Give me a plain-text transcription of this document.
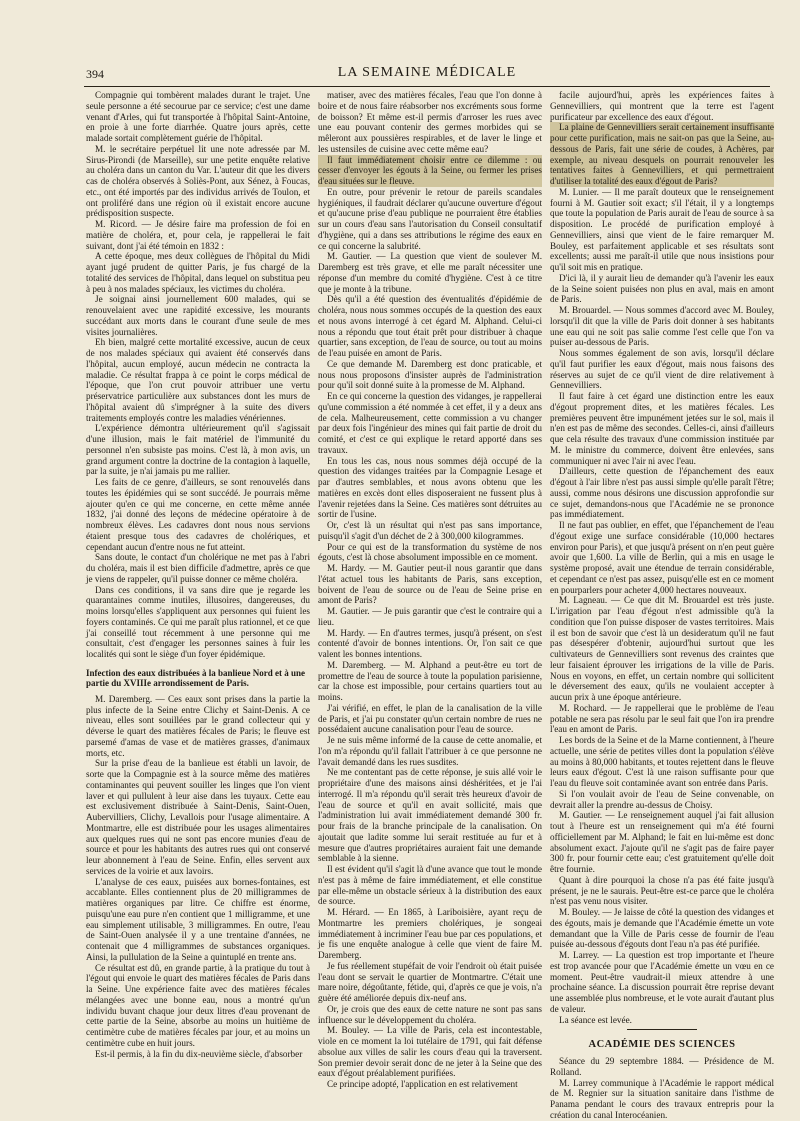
394	LA SEMAINE MÉDICALE

Compagnie qui tombèrent malades durant le trajet. Une seule personne a été secourue par ce service; c'est une dame venant d'Arles, qui fut transportée à l'hôpital Saint-Antoine, en proie à une forte diarrhée. Quatre jours après, cette malade sortait complètement guérie de l'hôpital.

M. le secrétaire perpétuel lit une note adressée par M. Sirus-Pirondi (de Marseille), sur une petite enquête relative au choléra dans un canton du Var. L'auteur dit que les divers cas de choléra observés à Soliès-Pont, aux Sénez, à Foucas, etc., ont été importés par des individus arrivés de Toulon, et ont proliféré dans une région où il existait encore aucune prédisposition suspecte.

M. Ricord. — Je désire faire ma profession de foi en matière de choléra, et, pour cela, je rappellerai le fait suivant, dont j'ai été témoin en 1832 :

A cette époque, mes deux collègues de l'hôpital du Midi ayant jugé prudent de quitter Paris, je fus chargé de la totalité des services de l'hôpital, dans lequel on substitua peu à peu à nos malades spéciaux, les victimes du choléra.

Je soignai ainsi journellement 600 malades, qui se renouvelaient avec une rapidité excessive, les mourants succédant aux morts dans le courant d'une seule de mes visites journalières.

Eh bien, malgré cette mortalité excessive, aucun de ceux de nos malades spéciaux qui avaient été conservés dans l'hôpital, aucun employé, aucun médecin ne contracta la maladie. Ce résultat frappa à ce point le corps médical de l'époque, que l'on crut pouvoir attribuer une vertu préservatrice particulière aux substances dont les murs de l'hôpital avaient dû s'imprégner à la suite des divers traitements employés contre les maladies vénériennes.

L'expérience démontra ultérieurement qu'il s'agissait d'une illusion, mais le fait matériel de l'immunité du personnel n'en subsiste pas moins. C'est là, à mon avis, un grand argument contre la doctrine de la contagion à laquelle, par la suite, je n'ai jamais pu me rallier.

Les faits de ce genre, d'ailleurs, se sont renouvelés dans toutes les épidémies qui se sont succédé. Je pourrais même ajouter qu'en ce qui me concerne, en cette même année 1832, j'ai donné des leçons de médecine opératoire à de nombreux élèves. Les cadavres dont nous nous servions étaient presque tous des cadavres de cholériques, et cependant aucun d'entre nous ne fut atteint.

Sans doute, le contact d'un cholérique ne met pas à l'abri du choléra, mais il est bien difficile d'admettre, après ce que je viens de rappeler, qu'il puisse donner ce même choléra.

Dans ces conditions, il va sans dire que je regarde les quarantaines comme inutiles, illusoires, dangereuses, du moins lorsqu'elles s'appliquent aux personnes qui fuient les foyers contaminés. Ce qui me paraît plus rationnel, et ce que j'ai conseillé tout récemment à une personne qui me consultait, c'est d'engager les personnes saines à fuir les localités qui sont le siège d'un foyer épidémique.

Infection des eaux distribuées à la banlieue Nord et à une partie du XVIIIe arrondissement de Paris.

M. Daremberg. — Ces eaux sont prises dans la partie la plus infecte de la Seine entre Clichy et Saint-Denis. A ce niveau, elles sont souillées par le grand collecteur qui y déverse le quart des matières fécales de Paris; le fleuve est parsemé d'amas de vase et de matières grasses, d'animaux morts, etc.

Sur la prise d'eau de la banlieue est établi un lavoir, de sorte que la Compagnie est à la source même des matières contaminantes qui peuvent souiller les linges que l'on vient laver et qui pullulent à leur aise dans les tuyaux. Cette eau est exclusivement distribuée à Saint-Denis, Saint-Ouen, Aubervilliers, Clichy, Levallois pour l'usage alimentaire. A Montmartre, elle est distribuée pour les usages alimentaires aux quelques rues qui ne sont pas encore munies d'eau de source et pour les habitants des autres rues qui ont conservé leur abonnement à l'eau de Seine. Enfin, elles servent aux services de la voirie et aux lavoirs.

L'analyse de ces eaux, puisées aux bornes-fontaines, est accablante. Elles contiennent plus de 20 milligrammes de matières organiques par litre. Ce chiffre est énorme, puisqu'une eau pure n'en contient que 1 milligramme, et une eau simplement utilisable, 3 milligrammes. En outre, l'eau de Saint-Ouen analysée il y a une trentaine d'années, ne contenait que 4 milligrammes de substances organiques. Ainsi, la pullulation de la Seine a quintuplé en trente ans.

Ce résultat est dû, en grande partie, à la pratique du tout à l'égout qui envoie le quart des matières fécales de Paris dans la Seine. Une expérience faite avec des matières fécales mélangées avec une bonne eau, nous a montré qu'un individu buvant chaque jour deux litres d'eau provenant de cette partie de la Seine, absorbe au moins un huitième de centimètre cube de matières fécales par jour, et au moins un centimètre cube en huit jours.

Est-il permis, à la fin du dix-neuvième siècle, d'absorber

matiser, avec des matières fécales, l'eau que l'on donne à boire et de nous faire réabsorber nos excréments sous forme de boisson? Et même est-il permis d'arroser les rues avec une eau pouvant contenir des germes morbides qui se mêleront aux poussières respirables, et de laver le linge et les ustensiles de cuisine avec cette même eau?

Il faut immédiatement choisir entre ce dilemme : ou cesser d'envoyer les égouts à la Seine, ou fermer les prises d'eau situées sur le fleuve.

En outre, pour prévenir le retour de pareils scandales hygiéniques, il faudrait déclarer qu'aucune ouverture d'égout et qu'aucune prise d'eau publique ne pourraient être établies sur un cours d'eau sans l'autorisation du Conseil consultatif d'hygiène, qui a dans ses attributions le régime des eaux en ce qui concerne la salubrité.

M. Gautier. — La question que vient de soulever M. Daremberg est très grave, et elle me paraît nécessiter une réponse d'un membre du comité d'hygiène. C'est à ce titre que je monte à la tribune.

Dès qu'il a été question des éventualités d'épidémie de choléra, nous nous sommes occupés de la question des eaux et nous avons interrogé à cet égard M. Alphand. Celui-ci nous a répondu que tout était prêt pour distribuer à chaque quartier, sans exception, de l'eau de source, ou tout au moins de l'eau puisée en amont de Paris.

Ce que demande M. Daremberg est donc praticable, et nous nous proposons d'insister auprès de l'administration pour qu'il soit donné suite à la promesse de M. Alphand.

En ce qui concerne la question des vidanges, je rappellerai qu'une commission a été nommée à cet effet, il y a deux ans de cela. Malheureusement, cette commission a vu changer par deux fois l'ingénieur des mines qui fait partie de droit du comité, et c'est ce qui explique le retard apporté dans ses travaux.

En tous les cas, nous nous sommes déjà occupé de la question des vidanges traitées par la Compagnie Lesage et par d'autres semblables, et nous avons obtenu que les matières en excès dont elles disposeraient ne fussent plus à l'avenir rejetées dans la Seine. Ces matières sont détruites au sortir de l'usine.

Or, c'est là un résultat qui n'est pas sans importance, puisqu'il s'agit d'un déchet de 2 à 300,000 kilogrammes.

Pour ce qui est de la transformation du système de nos égouts, c'est là chose absolument impossible en ce moment.

M. Hardy. — M. Gautier peut-il nous garantir que dans l'état actuel tous les habitants de Paris, sans exception, boivent de l'eau de source ou de l'eau de Seine prise en amont de Paris?

M. Gautier. — Je puis garantir que c'est le contraire qui a lieu.

M. Hardy. — En d'autres termes, jusqu'à présent, on s'est contenté d'avoir de bonnes intentions. Or, l'on sait ce que valent les bonnes intentions.

M. Daremberg. — M. Alphand a peut-être eu tort de promettre de l'eau de source à toute la population parisienne, car la chose est impossible, pour certains quartiers tout au moins.

J'ai vérifié, en effet, le plan de la canalisation de la ville de Paris, et j'ai pu constater qu'un certain nombre de rues ne possédaient aucune canalisation pour l'eau de source.

Je ne suis même informé de la cause de cette anomalie, et l'on m'a répondu qu'il fallait l'attribuer à ce que personne ne l'avait demandé dans les rues susdites.

Ne me contentant pas de cette réponse, je suis allé voir le propriétaire d'une des maisons ainsi déshéritées, et je l'ai interrogé. Il m'a répondu qu'il serait très heureux d'avoir de l'eau de source et qu'il en avait sollicité, mais que l'administration lui avait immédiatement demandé 300 fr. pour frais de la branche principale de la canalisation. On ajoutait que ladite somme lui serait restituée au fur et à mesure que d'autres propriétaires auraient fait une demande semblable à la sienne.

Il est évident qu'il s'agit là d'une avance que tout le monde n'est pas à même de faire immédiatement, et elle constitue par elle-même un obstacle sérieux à la distribution des eaux de source.

M. Hérard. — En 1865, à Lariboisière, ayant reçu de Montmartre les premiers cholériques, je songeai immédiatement à incriminer l'eau bue par ces populations, et je fis une enquête analogue à celle que vient de faire M. Daremberg.

Je fus réellement stupéfait de voir l'endroit où était puisée l'eau dont se servait le quartier de Montmartre. C'était une mare noire, dégoûtante, fétide, qui, d'après ce que je vois, n'a guère été améliorée depuis dix-neuf ans.

Or, je crois que des eaux de cette nature ne sont pas sans influence sur le développement du choléra.

M. Bouley. — La ville de Paris, cela est incontestable, viole en ce moment la loi tutélaire de 1791, qui fait défense absolue aux villes de salir les cours d'eau qui la traversent. Son premier devoir serait donc de ne jeter à la Seine que des eaux d'égout préalablement purifiées.

Ce principe adopté, l'application en est relativement

facile aujourd'hui, après les expériences faites à Gennevilliers, qui montrent que la terre est l'agent purificateur par excellence des eaux d'égout.

La plaine de Gennevilliers serait certainement insuffisante pour cette purification, mais ne sait-on pas que la Seine, au-dessous de Paris, fait une série de coudes, à Achères, par exemple, au niveau desquels on pourrait renouveler les tentatives faites à Gennevilliers, et qui permettraient d'utiliser la totalité des eaux d'égout de Paris?

M. Lunier. — Il me paraît douteux que le renseignement fourni à M. Gautier soit exact; s'il l'était, il y a longtemps que toute la population de Paris aurait de l'eau de source à sa disposition. Le procédé de purification employé à Gennevilliers, ainsi que vient de le faire remarquer M. Bouley, est parfaitement applicable et ses résultats sont excellents; aussi me paraît-il utile que nous insistions pour qu'il soit mis en pratique.

D'ici là, il y aurait lieu de demander qu'à l'avenir les eaux de la Seine soient puisées non plus en aval, mais en amont de Paris.

M. Brouardel. — Nous sommes d'accord avec M. Bouley, lorsqu'il dit que la ville de Paris doit donner à ses habitants une eau qui ne soit pas salie comme l'est celle que l'on va puiser au-dessous de Paris.

Nous sommes également de son avis, lorsqu'il déclare qu'il faut purifier les eaux d'égout, mais nous faisons des réserves au sujet de ce qu'il vient de dire relativement à Gennevilliers.

Il faut faire à cet égard une distinction entre les eaux d'égout proprement dites, et les matières fécales. Les premières peuvent être impunément jetées sur le sol, mais il n'en est pas de même des secondes. Celles-ci, ainsi d'ailleurs que cela résulte des travaux d'une commission instituée par M. le ministre du commerce, doivent être enlevées, sans communiquer ni avec l'air ni avec l'eau.

D'ailleurs, cette question de l'épanchement des eaux d'égout à l'air libre n'est pas aussi simple qu'elle paraît l'être; aussi, comme nous désirons une discussion approfondie sur ce sujet, demandons-nous que l'Académie ne se prononce pas immédiatement.

Il ne faut pas oublier, en effet, que l'épanchement de l'eau d'égout exige une surface considérable (10,000 hectares environ pour Paris), et que jusqu'à présent on n'en peut guère avoir que 1,600. La ville de Berlin, qui a mis en usage le système proposé, avait une étendue de terrain considérable, et cependant ce n'est pas assez, puisqu'elle est en ce moment en pourparlers pour acheter 4,000 hectares nouveaux.

M. Lagneau. — Ce que dit M. Brouardel est très juste. L'irrigation par l'eau d'égout n'est admissible qu'à la condition que l'on puisse disposer de vastes territoires. Mais il est bon de savoir que c'est là un desideratum qu'il ne faut pas désespérer d'obtenir, aujourd'hui surtout que les cultivateurs de Gennevilliers sont revenus des craintes que leur faisaient éprouver les irrigations de la ville de Paris. Nous en voyons, en effet, un certain nombre qui sollicitent le déversement des eaux, qu'ils ne voulaient accepter à aucun prix à une époque antérieure.

M. Rochard. — Je rappellerai que le problème de l'eau potable ne sera pas résolu par le seul fait que l'on ira prendre l'eau en amont de Paris.

Les bords de la Seine et de la Marne contiennent, à l'heure actuelle, une série de petites villes dont la population s'élève au moins à 80,000 habitants, et toutes rejettent dans le fleuve leurs eaux d'égout. C'est là une raison suffisante pour que l'eau du fleuve soit contaminée avant son entrée dans Paris.

Si l'on voulait avoir de l'eau de Seine convenable, on devrait aller la prendre au-dessus de Choisy.

M. Gautier. — Le renseignement auquel j'ai fait allusion tout à l'heure est un renseignement qui m'a été fourni officiellement par M. Alphand; le fait en lui-même est donc absolument exact. J'ajoute qu'il ne s'agit pas de faire payer 300 fr. pour fournir cette eau; c'est gratuitement qu'elle doit être fournie.

Quant à dire pourquoi la chose n'a pas été faite jusqu'à présent, je ne le saurais. Peut-être est-ce parce que le choléra n'est pas venu nous visiter.

M. Bouley. — Je laisse de côté la question des vidanges et des égouts, mais je demande que l'Académie émette un vote demandant que la Ville de Paris cesse de fournir de l'eau puisée au-dessous d'égouts dont l'eau n'a pas été purifiée.

M. Larrey. — La question est trop importante et l'heure est trop avancée pour que l'Académie émette un vœu en ce moment. Peut-être vaudrait-il mieux attendre à une prochaine séance. La discussion pourrait être reprise devant une assemblée plus nombreuse, et le vote aurait d'autant plus de valeur.

La séance est levée.

ACADÉMIE DES SCIENCES

Séance du 29 septembre 1884. — Présidence de M. Rolland.

M. Larrey communique à l'Académie le rapport médical de M. Regnier sur la situation sanitaire dans l'isthme de Panama pendant le cours des travaux entrepris pour la création du canal Interocéanien.
